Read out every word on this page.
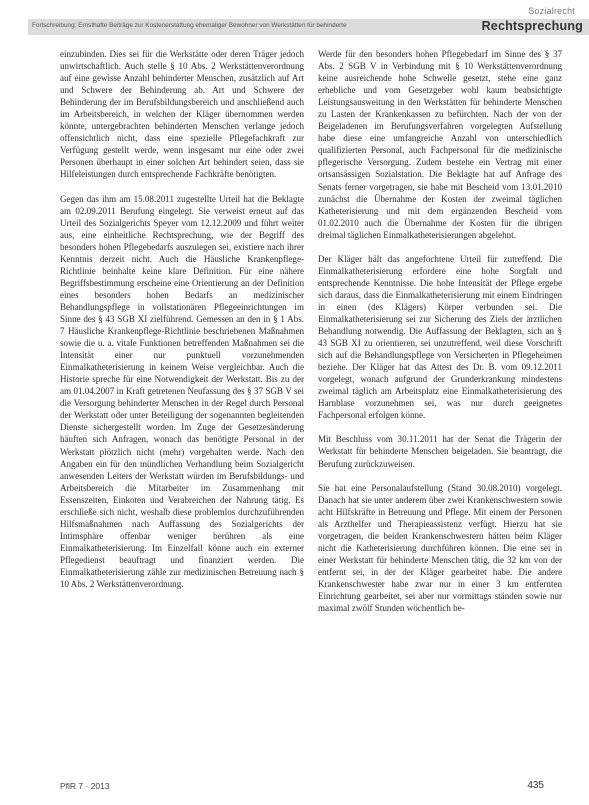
Sozialrecht
Fortschreibung: Ernsthafte Beiträge zur Kostenerstattung ehemaliger Bewohner von Werkstätten für behinderte	Rechtsprechung

einzubinden. Dies sei für die Werkstätte oder deren Träger jedoch unwirtschaftlich. Auch stelle § 10 Abs. 2 Werkstättenverordnung auf eine gewisse Anzahl behinderter Menschen, zusätzlich auf Art und Schwere der Behinderung ab. Art und Schwere der Behinderung der im Berufsbildungsbereich und anschließend auch im Arbeitsbereich, in welchen der Kläger übernommen werden könnte, untergebrachten behinderten Menschen verlange jedoch offensichtlich nicht, dass eine spezielle Pflegefachkraft zur Verfügung gestellt werde, wenn insgesamt nur eine oder zwei Personen überhaupt in einer solchen Art behindert seien, dass sie Hilfeleistungen durch entsprechende Fachkräfte benötigten.

Gegen das ihm am 15.08.2011 zugestellte Urteil hat die Beklagte am 02.09.2011 Berufung eingelegt. Sie verweist erneut auf das Urteil des Sozialgerichts Speyer vom 12.12.2009 und führt weiter aus, eine einheitliche Rechtsprechung, wie der Begriff des besonders hohen Pflegebedarfs auszulegen sei, existiere nach ihrer Kenntnis derzeit nicht. Auch die Häusliche Krankenpflege-Richtlinie beinhalte keine klare Definition. Für eine nähere Begriffsbestimmung erscheine eine Orientierung an der Definition eines besonders hohen Bedarfs an medizinischer Behandlungspflege in vollstationären Pflegeeinrichtungen im Sinne des § 43 SGB XI zielführend. Gemessen an den in § 1 Abs. 7 Häusliche Krankenpflege-Richtlinie beschriebenen Maßnahmen sowie die u. a. vitale Funktionen betreffenden Maßnahmen sei die Intensität einer nur punktuell vorzunehmenden Einmalkatheterisierung in keinem Weise vergleichbar. Auch die Historie spreche für eine Notwendigkeit der Werkstatt. Bis zu der am 01.04.2007 in Kraft getretenen Neufassung des § 37 SGB V sei die Versorgung behinderter Menschen in der Regel durch Personal der Werkstatt oder unter Beteiligung der sogenannten begleitenden Dienste sichergestellt worden. Im Zuge der Gesetzesänderung häuften sich Anfragen, wonach das benötigte Personal in der Werkstatt plötzlich nicht (mehr) vorgehalten werde. Nach den Angaben ein für den mündlichen Verhandlung beim Sozialgericht anwesenden Leiters der Werkstatt würden im Berufsbildungs- und Arbeitsbereich die Mitarbeiter im Zusammenhang mit Essenszeiten, Einkoten und Verabreichen der Nahrung tätig. Es erschließe sich nicht, weshalb diese problemlos durchzuführenden Hilfsmaßnahmen nach Auffassung des Sozialgerichts der Intimsphäre offenbar weniger berühren als eine Einmalkatheterisierung. Im Einzelfall könne auch ein externer Pflegedienst beauftragt und finanziert werden. Die Einmalkatheterisierung zähle zur medizinischen Betreuung nach § 10 Abs. 2 Werkstättenverordnung.

Werde für den besonders hohen Pflegebedarf im Sinne des § 37 Abs. 2 SGB V in Verbindung mit § 10 Werkstättenverordnung keine ausreichende hohe Schwelle gesetzt, stehe eine ganz erhebliche und vom Gesetzgeber wohl kaum beabsichtigte Leistungsausweitung in den Werkstätten für behinderte Menschen zu Lasten der Krankenkassen zu befürchten. Nach der von der Beigeladenen im Berufungsverfahren vorgelegten Aufstellung habe diese eine umfangreiche Anzahl von unterschiedlich qualifizierten Personal, auch Fachpersonal für die medizinische pflegerische Versorgung. Zudem bestehe ein Vertrag mit einer ortsansässigen Sozialstation. Die Beklagte hat auf Anfrage des Senats ferner vorgetragen, sie habe mit Bescheid vom 13.01.2010 zunächst die Übernahme der Kosten der zweimal täglichen Katheterisierung und mit dem ergänzenden Bescheid vom 01.02.2010 auch die Übernahme der Kosten für die übrigen dreimal täglichen Einmalkatheterisierungen abgelehnt.

Der Kläger hält das angefochtene Urteil für zutreffend. Die Einmalkatheterisierung erfordere eine hohe Sorgfalt und entsprechende Kenntnisse. Die hohe Intensität der Pflege ergebe sich daraus, dass die Einmalkatheterisierung mit einem Eindringen in einen (des Klägers) Körper verbunden sei. Die Einmalkatheterisierung sei zur Sicherung des Ziels der ärztlichen Behandlung notwendig. Die Auffassung der Beklagten, sich an § 43 SGB XI zu orientieren, sei unzutreffend, weil diese Vorschrift sich auf die Behandlungspflege von Versicherten in Pflegeheimen beziehe. Der Kläger hat das Attest des Dr. B. vom 09.12.2011 vorgelegt, wonach aufgrund der Grunderkrankung mindestens zweimal täglich am Arbeitsplatz eine Einmalkatheterisierung des Harnblase vorzunehmen sei, was nur durch geeignetes Fachpersonal erfolgen könne.

Mit Beschluss vom 30.11.2011 hat der Senat die Trägerin der Werkstatt für behinderte Menschen beigeladen. Sie beantragt, die Berufung zurückzuweisen.

Sie hat eine Personalaufstellung (Stand 30.08.2010) vorgelegt. Danach hat sie unter anderem über zwei Krankenschwestern sowie acht Hilfskräfte in Betreuung und Pflege. Mit einem der Personen als Arzthelfer und Therapieassistenz verfügt. Hierzu hat sie vorgetragen, die beiden Krankenschwestern hätten beim Kläger nicht die Katheterisierung durchführen können. Die eine sei in einer Werkstatt für behinderte Menschen tätig, die 32 km von der entfernt sei, in der der Kläger gearbeitet habe. Die andere Krankenschwester habe zwar nur in einer 3 km entfernten Einrichtung gearbeitet, sei aber nur vormittags ständen sowie nur maximal zwölf Stunden wöchentlich be-

PflR 7 · 2013	435
